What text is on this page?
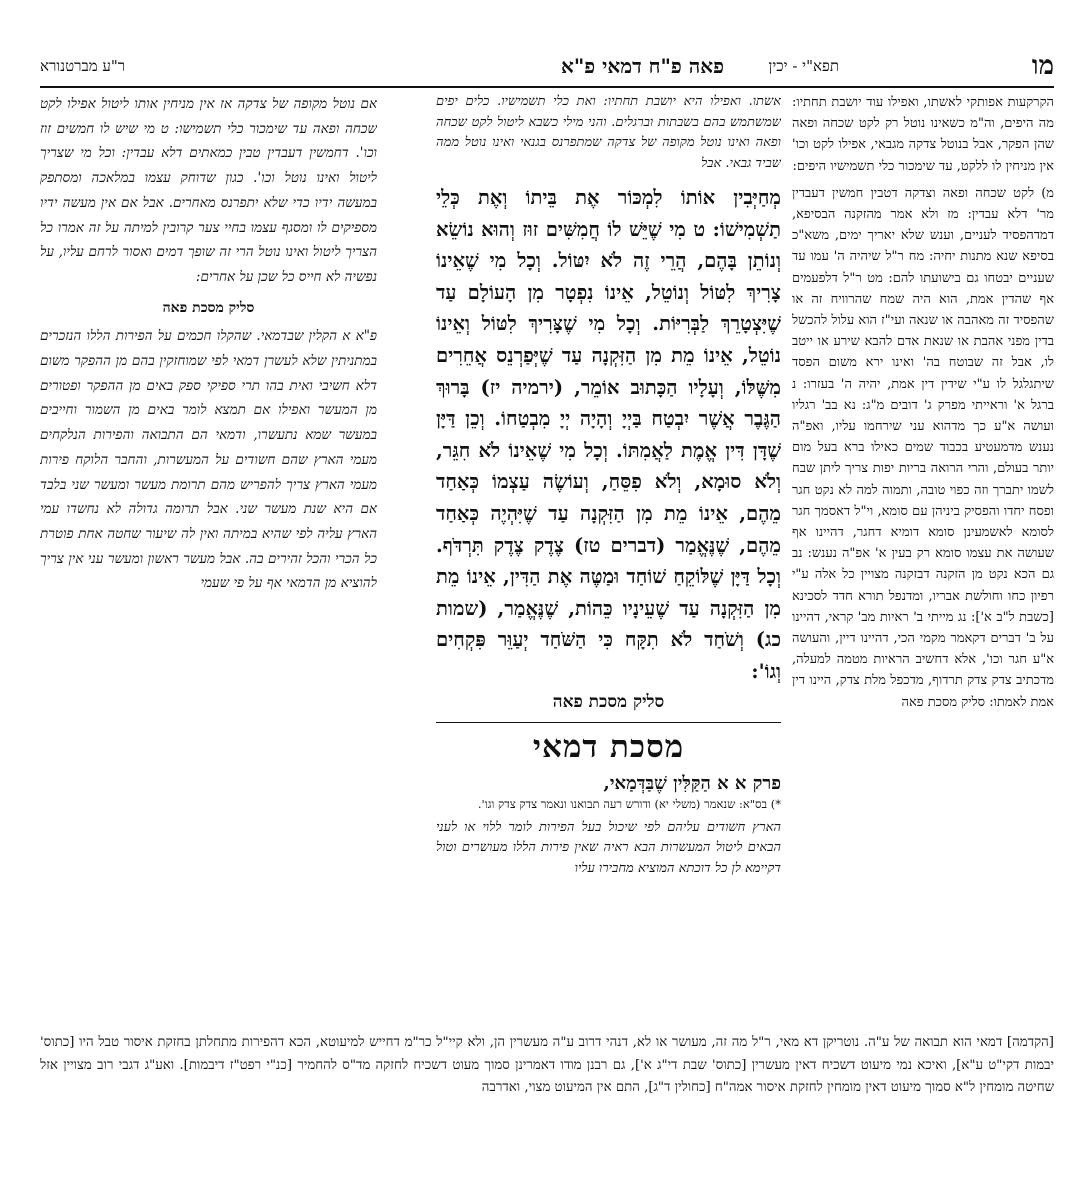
מו
תפא"י - יכין
פאה פ"ח דמאי פ"א
ר"ע מברטנורא

הקרקעות אפותקי לאשתו, ואפילו עוד יושבת תחתיו: מה היפים, וה"מ כשאינו נוטל רק לקט שכחה ופאה שהן הפקר, אבל בנוטל צדקה מגבאי, אפילו לקט וכו' אין מניחין לו ללקט, עד שימכור כלי תשמישיו היפים:

מ) לקט שכחה ופאה וצדקה דטבין חמשין דעבדין מר' דלא עבדין: מז ולא אמר מהזקנה הבסיפא, דמדהפסיד לעניים, וענש שלא יאריך ימים, משא"כ בסיפא שנא מתנות יחיה: מח ר"ל שיהיה ה' עמו עד שעניים יבטחו גם בישועתו להם: מט ר"ל דלפעמים אף שהדין אמת, הוא היה שמח שהרוויח זה או שהפסיד זה מאהבה או שנאה ועי"ז הוא עלול להכשל בדין מפני אהבת או שנאת אדם להבא שירע או ייטב לו, אבל זה שבוטח בה' ואינו ירא משום הפסד שיתגלגל לו ע"י שידין דין אמת, יהיה ה' בעזרו: נ ברגל א' וראייתי מפרק ג' דובים מ"ג: נא בב' רגליו ועושה א"ע כך מדהוא עני שירחמו עליו, ואפ"ה נענש מדמעטיע בכבוד שמים כאילו ברא בעל מום יותר בעולם, והרי הרואה בריות יפות צריך ליתן שבח לשמו יתברך וזה כפוי טובה, ותמוה למה לא נקט חגר ופסח יחדו והפסיק ביניהן עם סומא, וי"ל דאסמך חגר לסומא לאשמעינן סומא דומיא דחגר, דהיינו אף שעושה את עצמו סומא רק בעין א' אפ"ה נענש: נב גם הכא נקט מן הזקנה דבזקנה מצויין כל אלה ע"י רפיון כחו וחולשת אבריו, ומדנפל תורא חדד לסכינא [כשבת ל"ב א']: נג מייתי ב' ראיות מב' קראי, דהיינו על ב' דברים דקאמר מקמי הכי, דהיינו דיין, והעושה א"ע חגר וכו', אלא דחשיב הראיות מטמה למעלה, מדכתיב צדק צדק תרדוף, מדכפל מלת צדק, היינו דין אמת לאמתו: סליק מסכת פאה

אשתו. ואפילו היא יושבת תחתיו: ואת כלי תשמישיו. כלים יפים שמשתמש בהם בשבתות וברגלים. והני מילי כשבא ליטול לקט שכחה ופאה ואינו נוטל מקופה של צדקה שמתפרנס בגנאי ואינו נוטל ממה שביד גבאי. אבל
מְחַיְּבִין אוֹתוֹ לִמְכּוֹר אֶת בֵּיתוֹ וְאֶת כְּלֵי תַשְׁמִישׁוֹ: ט מִי שֶׁיֵּשׁ לוֹ חֲמִשִּׁים זוּז וְהוּא נוֹשֵׂא וְנוֹתֵן בָּהֶם, הֲרֵי זֶה לֹא יִטּוֹל. וְכָל מִי שֶׁאֵינוֹ צָרִיךְ לִטּוֹל וְנוֹטֵל, אֵינוֹ נִפְטָר מִן הָעוֹלָם עַד שֶׁיִּצְטָרֵךְ לַבְּרִיּוֹת. וְכָל מִי שֶׁצָּרִיךְ לִטּוֹל וְאֵינוֹ נוֹטֵל, אֵינוֹ מֵת מִן הַזִּקְנָה עַד שֶׁיְּפַרְנֵס אֲחֵרִים מִשֶּׁלּוֹ, וְעָלָיו הַכָּתוּב אוֹמֵר, (ירמיה יז) בָּרוּךְ הַגֶּבֶר אֲשֶׁר יִבְטַח בַּיְיָ וְהָיָה יְיָ מִבְטַחוֹ. וְכֵן דַּיָּן שֶׁדָּן דִּין אֱמֶת לַאֲמִתּוֹ. וְכָל מִי שֶׁאֵינוֹ לֹא חִגֵּר, וְלֹא סוּמָא, וְלֹא פִסֵּחַ, וְעוֹשֶׂה עַצְמוֹ כְּאַחַד מֵהֶם, אֵינוֹ מֵת מִן הַזִּקְנָה עַד שֶׁיִּהְיֶה כְּאַחַד מֵהֶם, שֶׁנֶּאֱמַר (דברים טז) צֶדֶק צֶדֶק תִּרְדֹּף. וְכָל דַּיָּן שֶׁלּוֹקֵחַ שׁוֹחַד וּמַטֶּה אֶת הַדִּין, אֵינוֹ מֵת מִן הַזִּקְנָה עַד שֶׁעֵינָיו כֵּהוֹת, שֶׁנֶּאֱמַר, (שמות כג) וְשֹׁחַד לֹא תִקָּח כִּי הַשֹּׁחַד יְעַוֵּר פִּקְחִים וְגוֹ':
סליק מסכת פאה
מסכת דמאי
פרק א א הַקַּלִּין שֶׁבַּדְּמַאי,
*) בס"א: שנאמר (משלי יא) ודורש רעה תבואנו ונאמר צדק צדק וגו'.
הארץ חשודים עליהם לפי שיכול בעל הפירות לומר ללוי או לעני הבאים ליטול המעשרות הבא ראיה שאין פירות הללו מעושרים וטול דקיימא לן כל דוכתא המוציא מחבירו עליו

אם נוטל מקופה של צדקה אז אין מניחין אותו ליטול אפילו לקט שכחה ופאה עד שימכור כלי תשמישו: ט מי שיש לו חמשים זוז וכו'. דחמשין דעבדין טבין כמאתים דלא עבדין: וכל מי שצריך ליטול ואינו נוטל וכו'. כגון שדוחק עצמו במלאכה ומסתפק במעשה ידיו כדי שלא יתפרנס מאחרים. אבל אם אין מעשה ידיו מספיקים לו ומסגף עצמו בחיי צער קרובין למיתה על זה אמרו כל הצריך ליטול ואינו נוטל הרי זה שופך דמים ואסור לרחם עליו, על נפשיה לא חייס כל שכן על אחרים:

סליק מסכת פאה

פ"א א הקלין שבדמאי. שהקלו חכמים על הפירות הללו הנזכרים במתניתין שלא לעשרן דמאי לפי שמוחזקין בהם מן ההפקר משום דלא חשיבי ואית בהו תרי ספיקי ספק באים מן ההפקר ופטורים מן המעשר ואפילו אם תמצא לומר באים מן השמור וחייבים במעשר שמא נתעשרו, ודמאי הם התבואה והפירות הנלקחים מעמי הארץ שהם חשודים על המעשרות, והחבר הלוקח פירות מעמי הארץ צריך להפריש מהם תרומת מעשר ומעשר שני בלבד אם היא שנת מעשר שני. אבל תרומה גדולה לא נחשדו עמי הארץ עליה לפי שהיא במיתה ואין לה שיעור שחטה אחת פוטרת כל הכרי והכל זהירים בה. אבל מעשר ראשון ומעשר עני אין צריך להוציא מן הדמאי אף על פי שעמי

[הקדמה] דמאי הוא תבואה של ע"ה. נוטריקן דא מאי, ר"ל מה זה, מעושר או לא, דנהי דרוב ע"ה מעשרין הן, ולא קיי"ל כר"מ דחייש למיעוטא, הכא דהפירות מתחלתן בחזקת איסור טבל היו [כתוס' יבמות דקי"ט ע"א], ואיכא נמי מיעוט דשכיח דאין מעשרין [כתוס' שבת די"ג א'], גם רבנן מודו דאמרינן סמוך מעוט דשכיח לחזקה מד"ס להחמיר [כנ"י רפט"ז דיבמות]. ואע"ג דגבי רוב מצויין אזל שחיטה מומחין ל"א סמוך מיעוט דאין מומחין לחזקת איסור אמה"ח [כחולין ד"ג], התם אין המיעוט מצוי, ואדרבה
